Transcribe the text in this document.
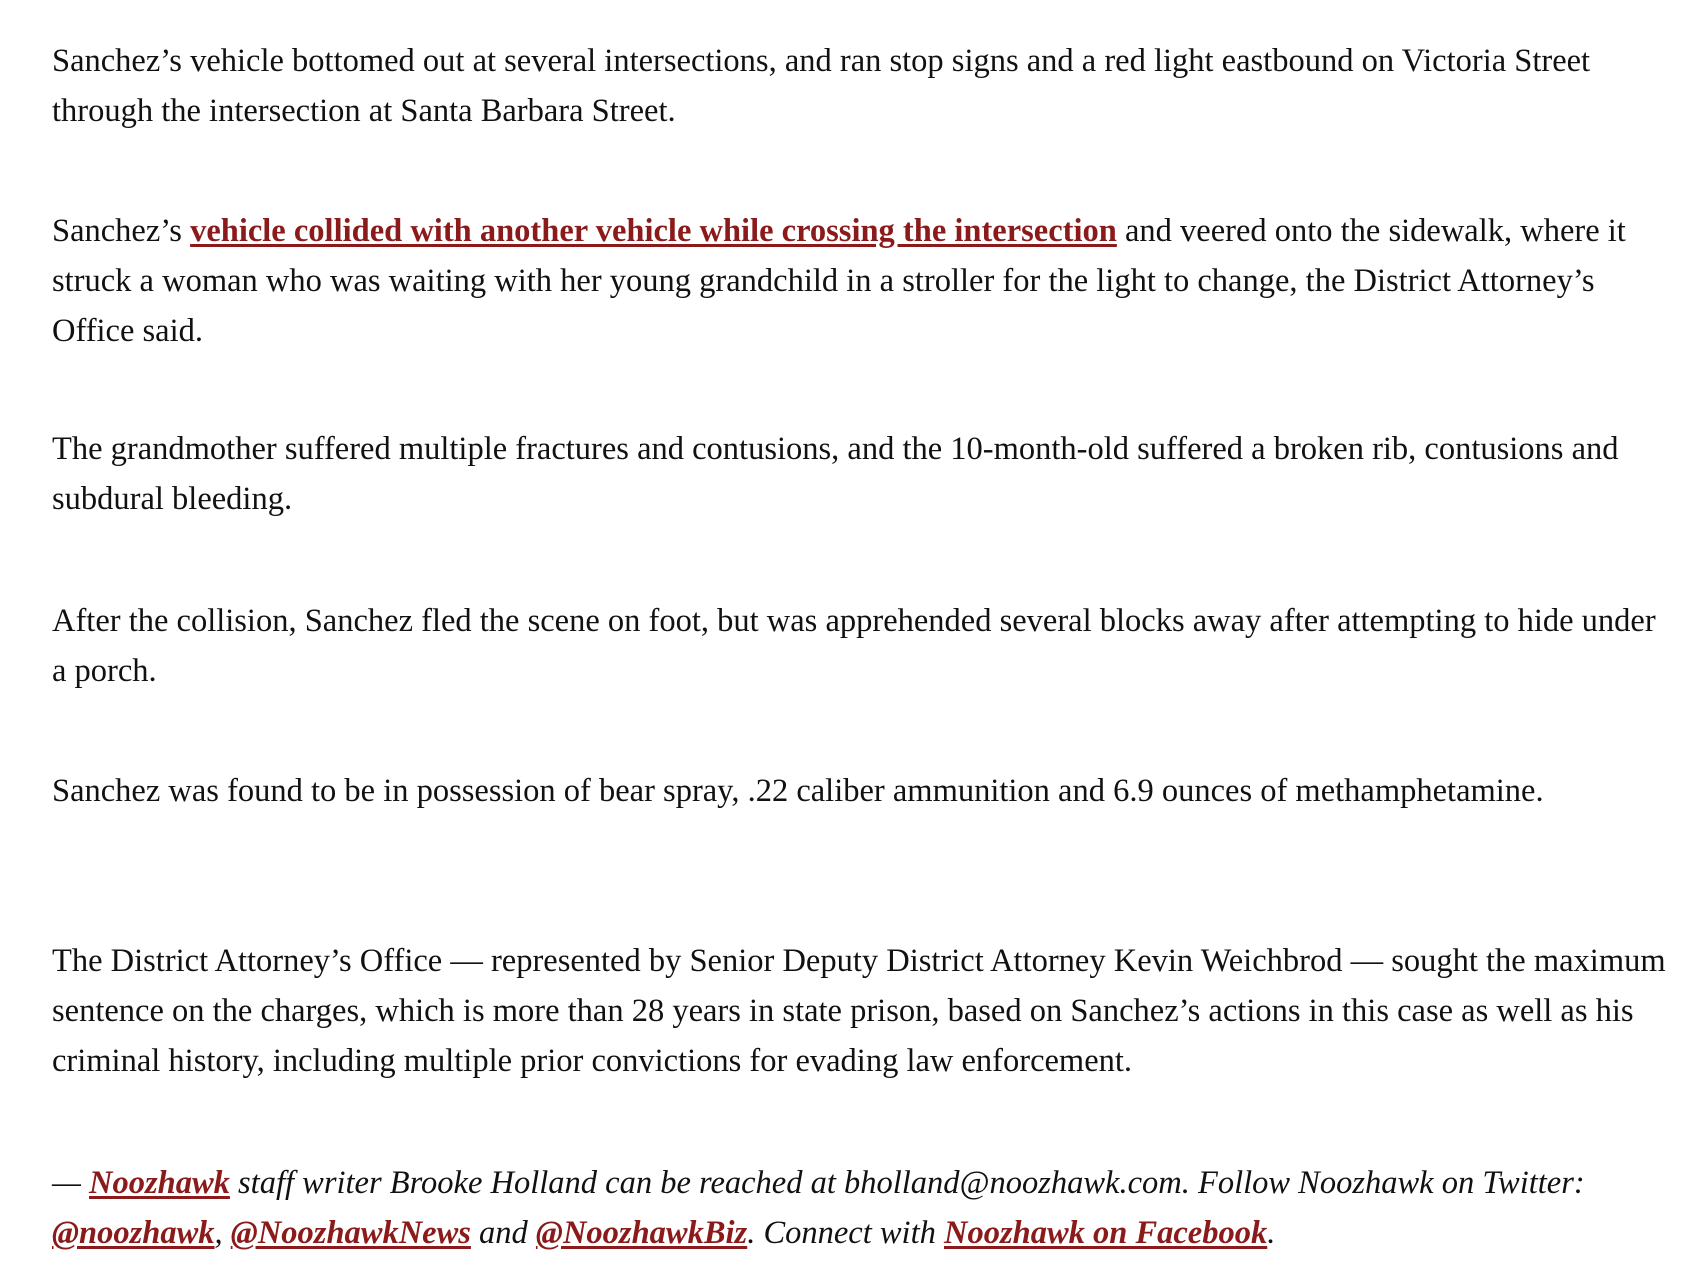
Sanchez’s vehicle bottomed out at several intersections, and ran stop signs and a red light eastbound on Victoria Street through the intersection at Santa Barbara Street.

Sanchez’s vehicle collided with another vehicle while crossing the intersection and veered onto the sidewalk, where it struck a woman who was waiting with her young grandchild in a stroller for the light to change, the District Attorney’s Office said.

The grandmother suffered multiple fractures and contusions, and the 10-month-old suffered a broken rib, contusions and subdural bleeding.

After the collision, Sanchez fled the scene on foot, but was apprehended several blocks away after attempting to hide under a porch.

Sanchez was found to be in possession of bear spray, .22 caliber ammunition and 6.9 ounces of methamphetamine.

The District Attorney’s Office — represented by Senior Deputy District Attorney Kevin Weichbrod — sought the maximum sentence on the charges, which is more than 28 years in state prison, based on Sanchez’s actions in this case as well as his criminal history, including multiple prior convictions for evading law enforcement.

— Noozhawk staff writer Brooke Holland can be reached at bholland@noozhawk.com. Follow Noozhawk on Twitter: @noozhawk, @NoozhawkNews and @NoozhawkBiz. Connect with Noozhawk on Facebook.
